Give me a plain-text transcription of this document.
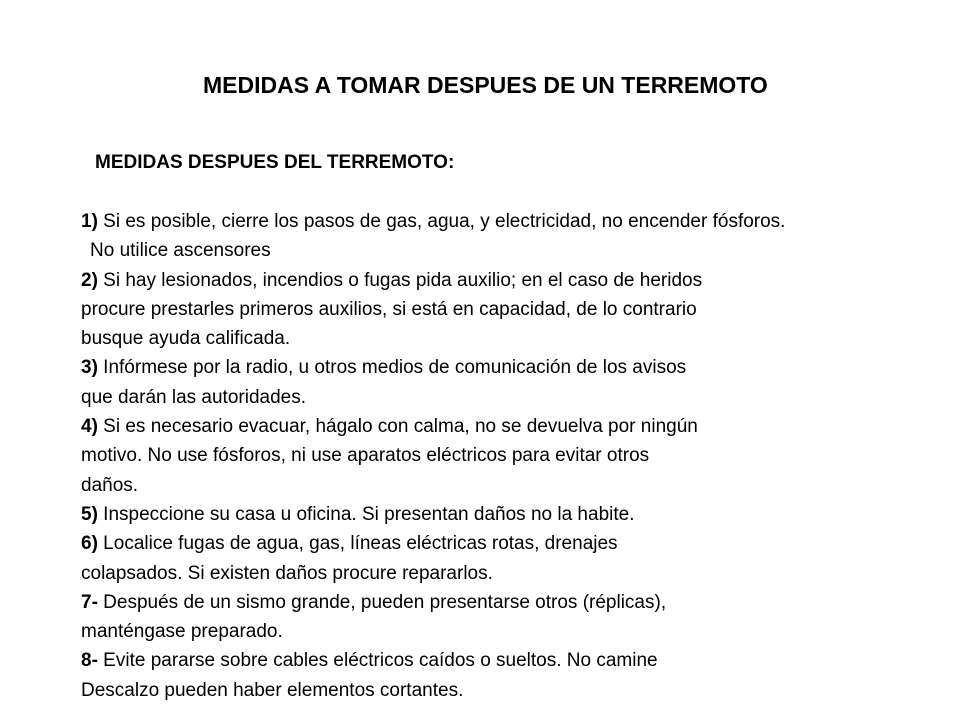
MEDIDAS A TOMAR DESPUES DE UN TERREMOTO
MEDIDAS DESPUES DEL TERREMOTO:
1) Si es posible, cierre los pasos de gas, agua, y electricidad, no encender fósforos.
No utilice ascensores
2) Si hay lesionados, incendios o fugas pida auxilio; en el caso de heridos
procure prestarles primeros auxilios, si está en capacidad, de lo contrario
busque ayuda calificada.
3) Infórmese por la radio, u otros medios de comunicación de los avisos
que darán las autoridades.
4) Si es necesario evacuar, hágalo con calma, no se devuelva por ningún
motivo. No use fósforos, ni use aparatos eléctricos para evitar otros
daños.
5) Inspeccione su casa u oficina. Si presentan daños no la habite.
6) Localice fugas de agua, gas, líneas eléctricas rotas, drenajes
colapsados. Si existen daños procure repararlos.
7- Después de un sismo grande, pueden presentarse otros (réplicas),
manténgase preparado.
8- Evite pararse sobre cables eléctricos caídos o sueltos. No camine
Descalzo pueden haber elementos cortantes.
